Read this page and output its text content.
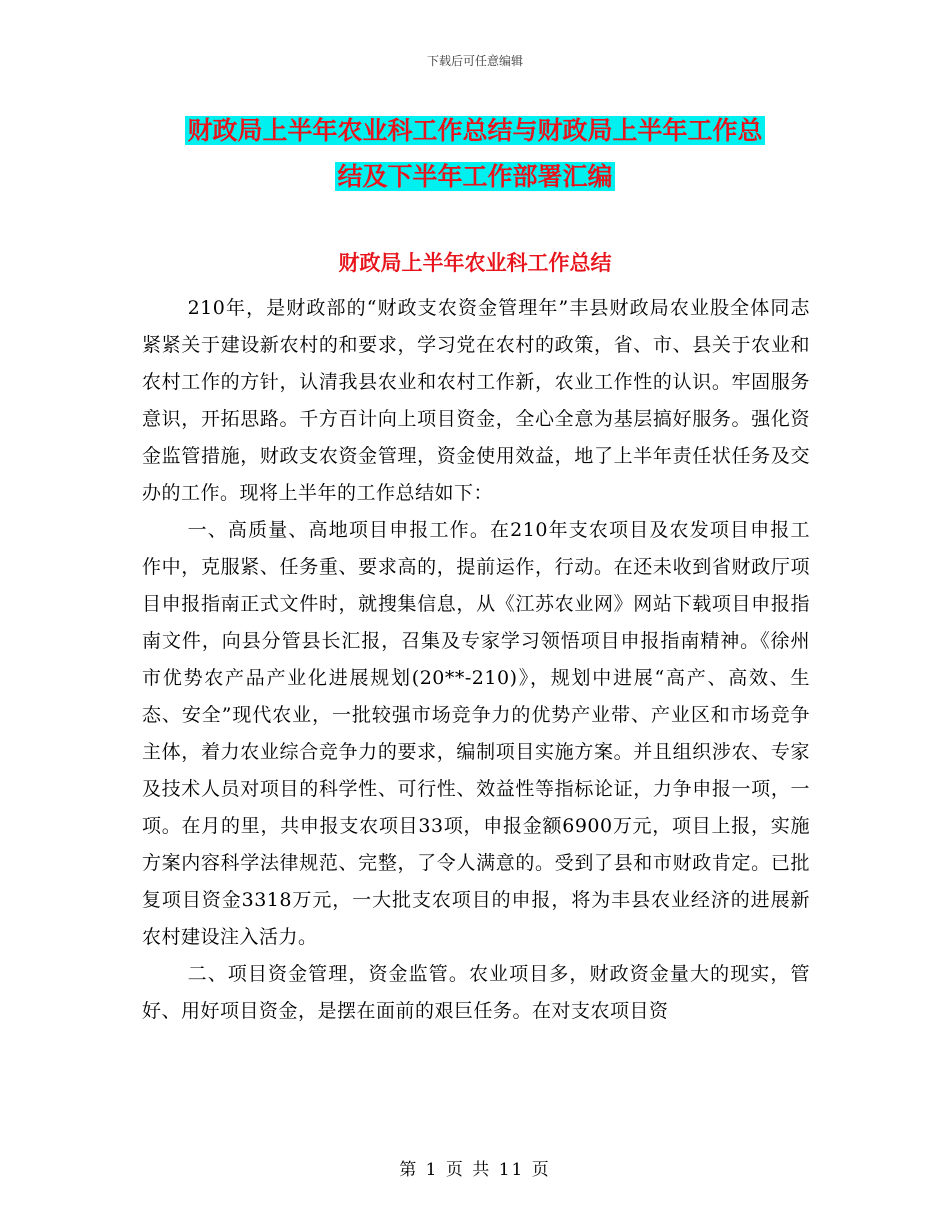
下载后可任意编辑
财政局上半年农业科工作总结与财政局上半年工作总
结及下半年工作部署汇编
财政局上半年农业科工作总结

210年，是财政部的“财政支农资金管理年”丰县财政局农业股全体同志紧紧关于建设新农村的和要求，学习党在农村的政策，省、市、县关于农业和农村工作的方针，认清我县农业和农村工作新，农业工作性的认识。牢固服务意识，开拓思路。千方百计向上项目资金，全心全意为基层搞好服务。强化资金监管措施，财政支农资金管理，资金使用效益，地了上半年责任状任务及交办的工作。现将上半年的工作总结如下：

一、高质量、高地项目申报工作。在210年支农项目及农发项目申报工作中，克服紧、任务重、要求高的，提前运作，行动。在还未收到省财政厅项目申报指南正式文件时，就搜集信息，从《江苏农业网》网站下载项目申报指南文件，向县分管县长汇报，召集及专家学习领悟项目申报指南精神。《徐州市优势农产品产业化进展规划(20**-210)》，规划中进展“高产、高效、生态、安全”现代农业，一批较强市场竞争力的优势产业带、产业区和市场竞争主体，着力农业综合竞争力的要求，编制项目实施方案。并且组织涉农、专家及技术人员对项目的科学性、可行性、效益性等指标论证，力争申报一项，一项。在月的里，共申报支农项目33项，申报金额6900万元，项目上报，实施方案内容科学法律规范、完整，了令人满意的。受到了县和市财政肯定。已批复项目资金3318万元，一大批支农项目的申报，将为丰县农业经济的进展新农村建设注入活力。

二、项目资金管理，资金监管。农业项目多，财政资金量大的现实，管好、用好项目资金，是摆在面前的艰巨任务。在对支农项目资

第 1 页 共 11 页
